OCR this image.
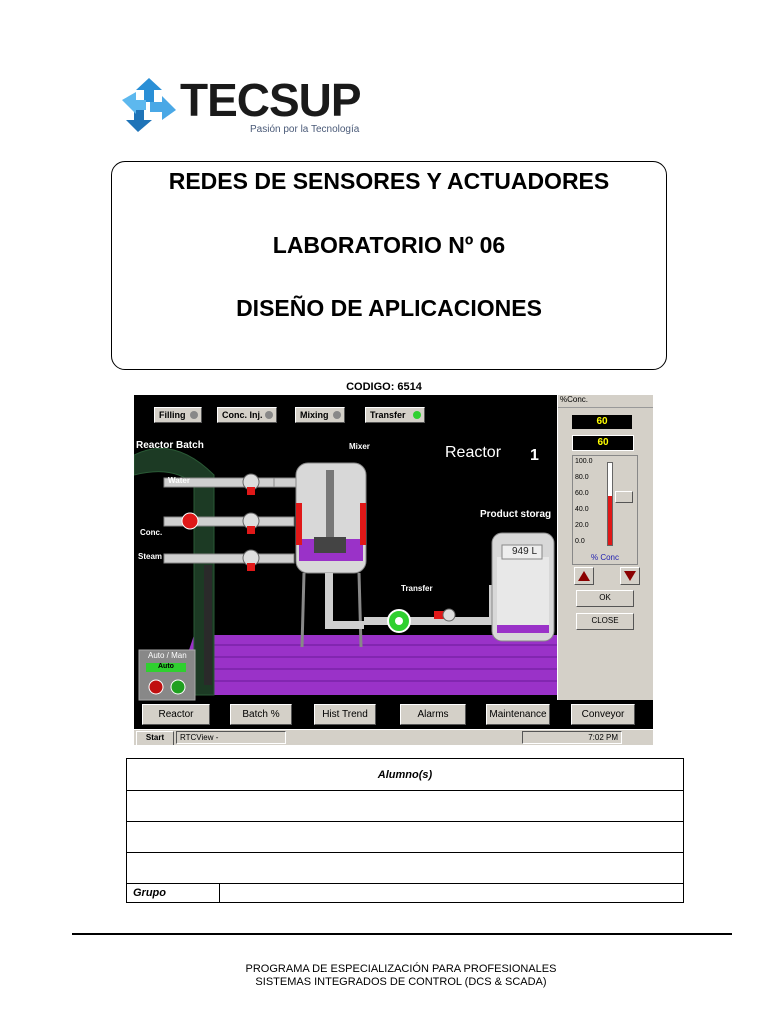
TECSUP
Pasión por la Tecnología
REDES DE SENSORES Y ACTUADORES
LABORATORIO Nº 06
DISEÑO DE APLICACIONES
CODIGO: 6514
Filling	Conc. Inj.	Mixing	Transfer
Reactor Batch	Mixer	Reactor 1
Water
Conc.
Steam
Product storag
949 L
Transfer
Auto / Man
Auto
Reactor	Batch %	Hist Trend	Alarms	Maintenance	Conveyor
%Conc.
60
60
100.0
80.0
60.0
40.0
20.0
0.0
% Conc
OK
CLOSE
Start	RTCView -	7:02 PM
Alumno(s)

Grupo	
PROGRAMA DE ESPECIALIZACIÓN PARA PROFESIONALES
SISTEMAS INTEGRADOS DE CONTROL (DCS & SCADA)
